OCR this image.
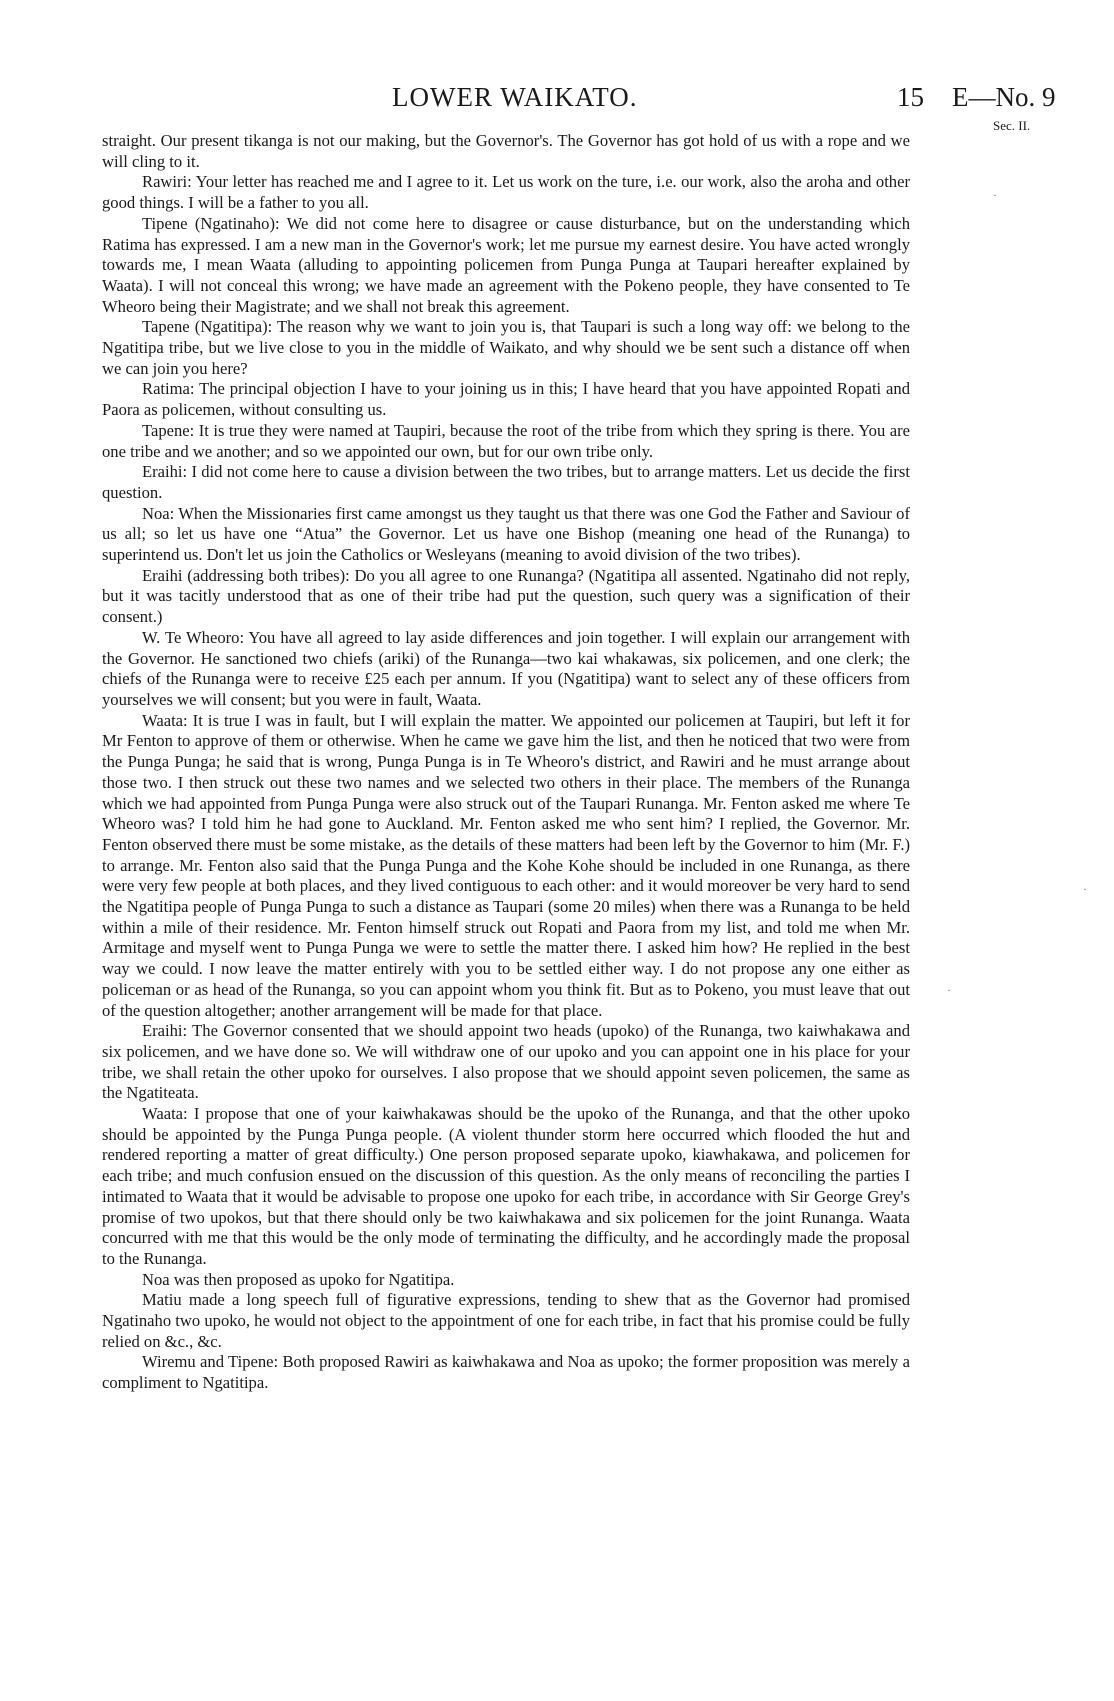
LOWER WAIKATO.	15 E—No. 9
Sec. II.

straight. Our present tikanga is not our making, but the Governor's. The Governor has got hold of us with a rope and we will cling to it.

Rawiri: Your letter has reached me and I agree to it. Let us work on the ture, i.e. our work, also the aroha and other good things. I will be a father to you all.

Tipene (Ngatinaho): We did not come here to disagree or cause disturbance, but on the understanding which Ratima has expressed. I am a new man in the Governor's work; let me pursue my earnest desire. You have acted wrongly towards me, I mean Waata (alluding to appointing policemen from Punga Punga at Taupari hereafter explained by Waata). I will not conceal this wrong; we have made an agreement with the Pokeno people, they have consented to Te Wheoro being their Magistrate; and we shall not break this agreement.

Tapene (Ngatitipa): The reason why we want to join you is, that Taupari is such a long way off: we belong to the Ngatitipa tribe, but we live close to you in the middle of Waikato, and why should we be sent such a distance off when we can join you here?

Ratima: The principal objection I have to your joining us in this; I have heard that you have appointed Ropati and Paora as policemen, without consulting us.

Tapene: It is true they were named at Taupiri, because the root of the tribe from which they spring is there. You are one tribe and we another; and so we appointed our own, but for our own tribe only.

Eraihi: I did not come here to cause a division between the two tribes, but to arrange matters. Let us decide the first question.

Noa: When the Missionaries first came amongst us they taught us that there was one God the Father and Saviour of us all; so let us have one “Atua” the Governor. Let us have one Bishop (meaning one head of the Runanga) to superintend us. Don't let us join the Catholics or Wesleyans (meaning to avoid division of the two tribes).

Eraihi (addressing both tribes): Do you all agree to one Runanga? (Ngatitipa all assented. Ngatinaho did not reply, but it was tacitly understood that as one of their tribe had put the question, such query was a signification of their consent.)

W. Te Wheoro: You have all agreed to lay aside differences and join together. I will explain our arrangement with the Governor. He sanctioned two chiefs (ariki) of the Runanga—two kai whakawas, six policemen, and one clerk; the chiefs of the Runanga were to receive £25 each per annum. If you (Ngatitipa) want to select any of these officers from yourselves we will consent; but you were in fault, Waata.

Waata: It is true I was in fault, but I will explain the matter. We appointed our policemen at Taupiri, but left it for Mr Fenton to approve of them or otherwise. When he came we gave him the list, and then he noticed that two were from the Punga Punga; he said that is wrong, Punga Punga is in Te Wheoro's district, and Rawiri and he must arrange about those two. I then struck out these two names and we selected two others in their place. The members of the Runanga which we had appointed from Punga Punga were also struck out of the Taupari Runanga. Mr. Fenton asked me where Te Wheoro was? I told him he had gone to Auckland. Mr. Fenton asked me who sent him? I replied, the Governor. Mr. Fenton observed there must be some mistake, as the details of these matters had been left by the Governor to him (Mr. F.) to arrange. Mr. Fenton also said that the Punga Punga and the Kohe Kohe should be included in one Runanga, as there were very few people at both places, and they lived contiguous to each other: and it would moreover be very hard to send the Ngatitipa people of Punga Punga to such a distance as Taupari (some 20 miles) when there was a Runanga to be held within a mile of their residence. Mr. Fenton himself struck out Ropati and Paora from my list, and told me when Mr. Armitage and myself went to Punga Punga we were to settle the matter there. I asked him how? He replied in the best way we could. I now leave the matter entirely with you to be settled either way. I do not propose any one either as policeman or as head of the Runanga, so you can appoint whom you think fit. But as to Pokeno, you must leave that out of the question altogether; another arrangement will be made for that place.

Eraihi: The Governor consented that we should appoint two heads (upoko) of the Runanga, two kaiwhakawa and six policemen, and we have done so. We will withdraw one of our upoko and you can appoint one in his place for your tribe, we shall retain the other upoko for ourselves. I also propose that we should appoint seven policemen, the same as the Ngatiteata.

Waata: I propose that one of your kaiwhakawas should be the upoko of the Runanga, and that the other upoko should be appointed by the Punga Punga people. (A violent thunder storm here occurred which flooded the hut and rendered reporting a matter of great difficulty.) One person proposed separate upoko, kiawhakawa, and policemen for each tribe; and much confusion ensued on the discussion of this question. As the only means of reconciling the parties I intimated to Waata that it would be advisable to propose one upoko for each tribe, in accordance with Sir George Grey's promise of two upokos, but that there should only be two kaiwhakawa and six policemen for the joint Runanga. Waata concurred with me that this would be the only mode of terminating the difficulty, and he accordingly made the proposal to the Runanga.

Noa was then proposed as upoko for Ngatitipa.

Matiu made a long speech full of figurative expressions, tending to shew that as the Governor had promised Ngatinaho two upoko, he would not object to the appointment of one for each tribe, in fact that his promise could be fully relied on &c., &c.

Wiremu and Tipene: Both proposed Rawiri as kaiwhakawa and Noa as upoko; the former proposition was merely a compliment to Ngatitipa.

·
·
·
